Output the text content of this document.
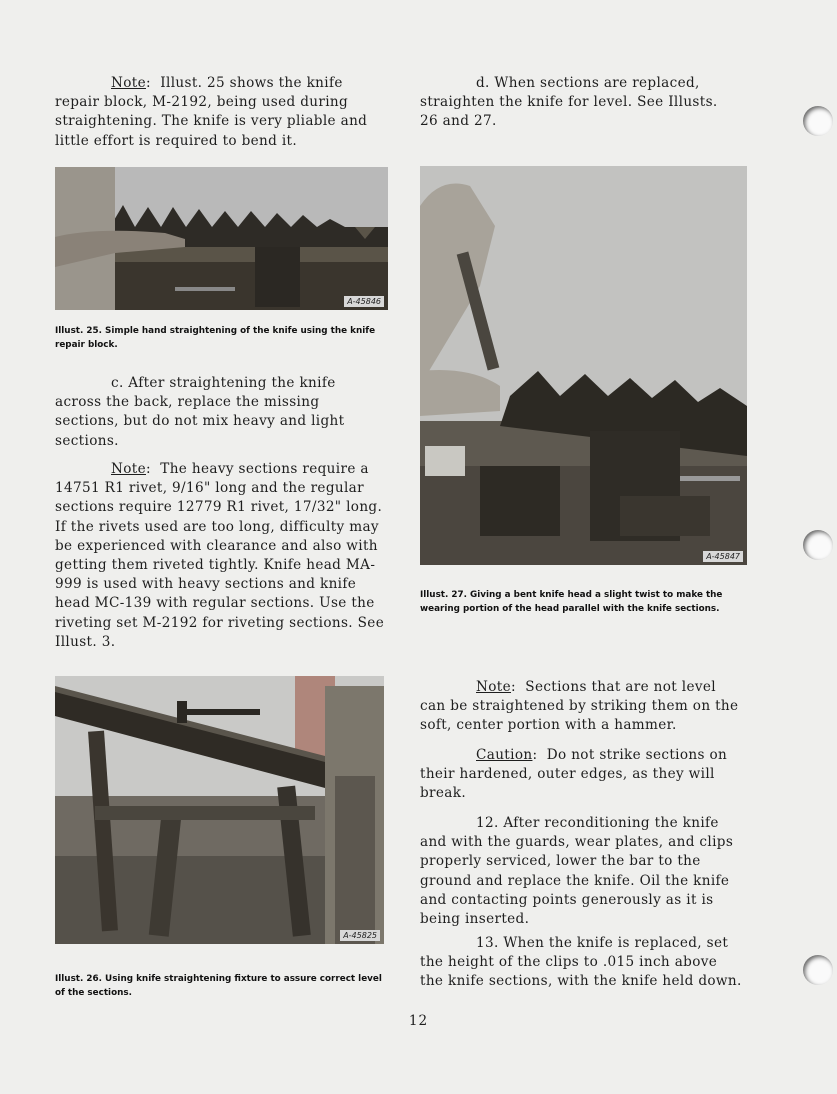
Note:  Illust. 25 shows the knife repair block, M-2192, being used during straightening. The knife is very pliable and little effort is required to bend it.

A-45846

Illust. 25. Simple hand straightening of the knife using the knife repair block.

c. After straightening the knife across the back, replace the missing sections, but do not mix heavy and light sections.

Note:  The heavy sections require a 14751 R1 rivet, 9/16" long and the regular sections require 12779 R1 rivet, 17/32" long. If the rivets used are too long, difficulty may be experienced with clearance and also with getting them riveted tightly. Knife head MA-999 is used with heavy sections and knife head MC-139 with regular sections. Use the riveting set M-2192 for riveting sections. See Illust. 3.

A-45825

Illust. 26. Using knife straightening fixture to assure correct level of the sections.

d. When sections are replaced, straighten the knife for level. See Illusts. 26 and 27.

A-45847

Illust. 27. Giving a bent knife head a slight twist to make the wearing portion of the head parallel with the knife sections.

Note:  Sections that are not level can be straightened by striking them on the soft, center portion with a hammer.

Caution:  Do not strike sections on their hardened, outer edges, as they will break.

12. After reconditioning the knife and with the guards, wear plates, and clips properly serviced, lower the bar to the ground and replace the knife. Oil the knife and contacting points generously as it is being inserted.

13. When the knife is replaced, set the height of the clips to .015 inch above the knife sections, with the knife held down.

12
